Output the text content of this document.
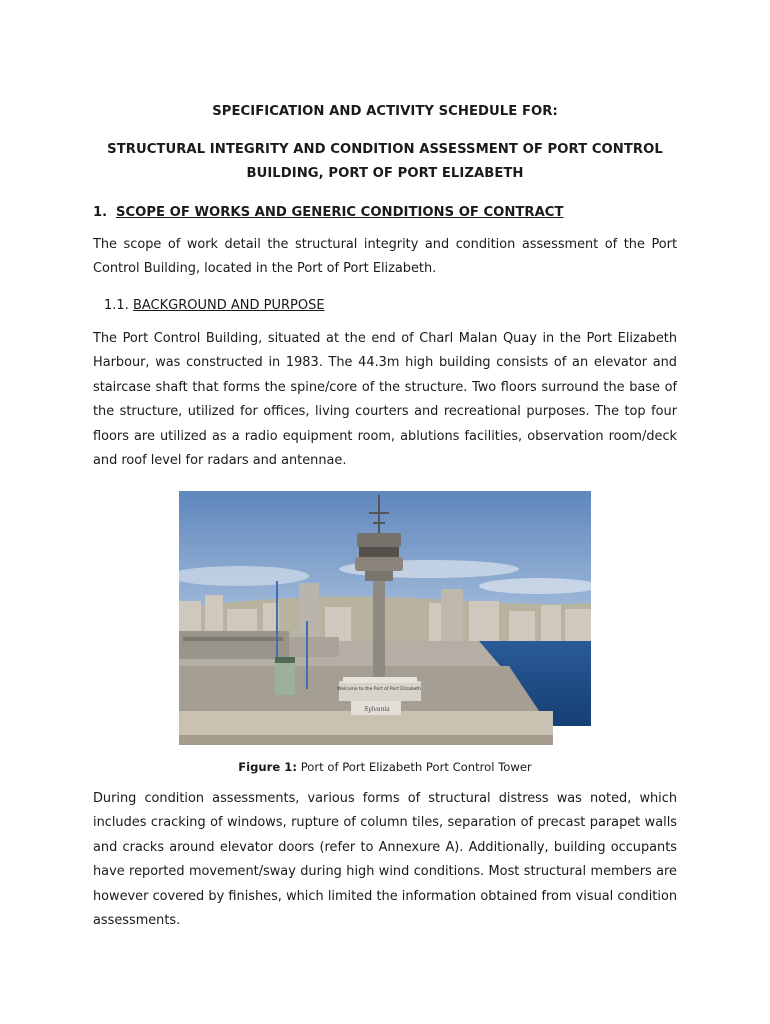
SPECIFICATION AND ACTIVITY SCHEDULE FOR:
STRUCTURAL INTEGRITY AND CONDITION ASSESSMENT OF PORT CONTROL
BUILDING, PORT OF PORT ELIZABETH
1. SCOPE OF WORKS AND GENERIC CONDITIONS OF CONTRACT
The scope of work detail the structural integrity and condition assessment of the Port Control Building, located in the Port of Port Elizabeth.
1.1. BACKGROUND AND PURPOSE
The Port Control Building, situated at the end of Charl Malan Quay in the Port Elizabeth Harbour, was constructed in 1983. The 44.3m high building consists of an elevator and staircase shaft that forms the spine/core of the structure. Two floors surround the base of the structure, utilized for offices, living courters and recreational purposes. The top four floors are utilized as a radio equipment room, ablutions facilities, observation room/deck and roof level for radars and antennae.
Welcome to the Port of Port Elizabeth
Sylvania
Figure 1: Port of Port Elizabeth Port Control Tower
During condition assessments, various forms of structural distress was noted, which includes cracking of windows, rupture of column tiles, separation of precast parapet walls and cracks around elevator doors (refer to Annexure A). Additionally, building occupants have reported movement/sway during high wind conditions. Most structural members are however covered by finishes, which limited the information obtained from visual condition assessments.
